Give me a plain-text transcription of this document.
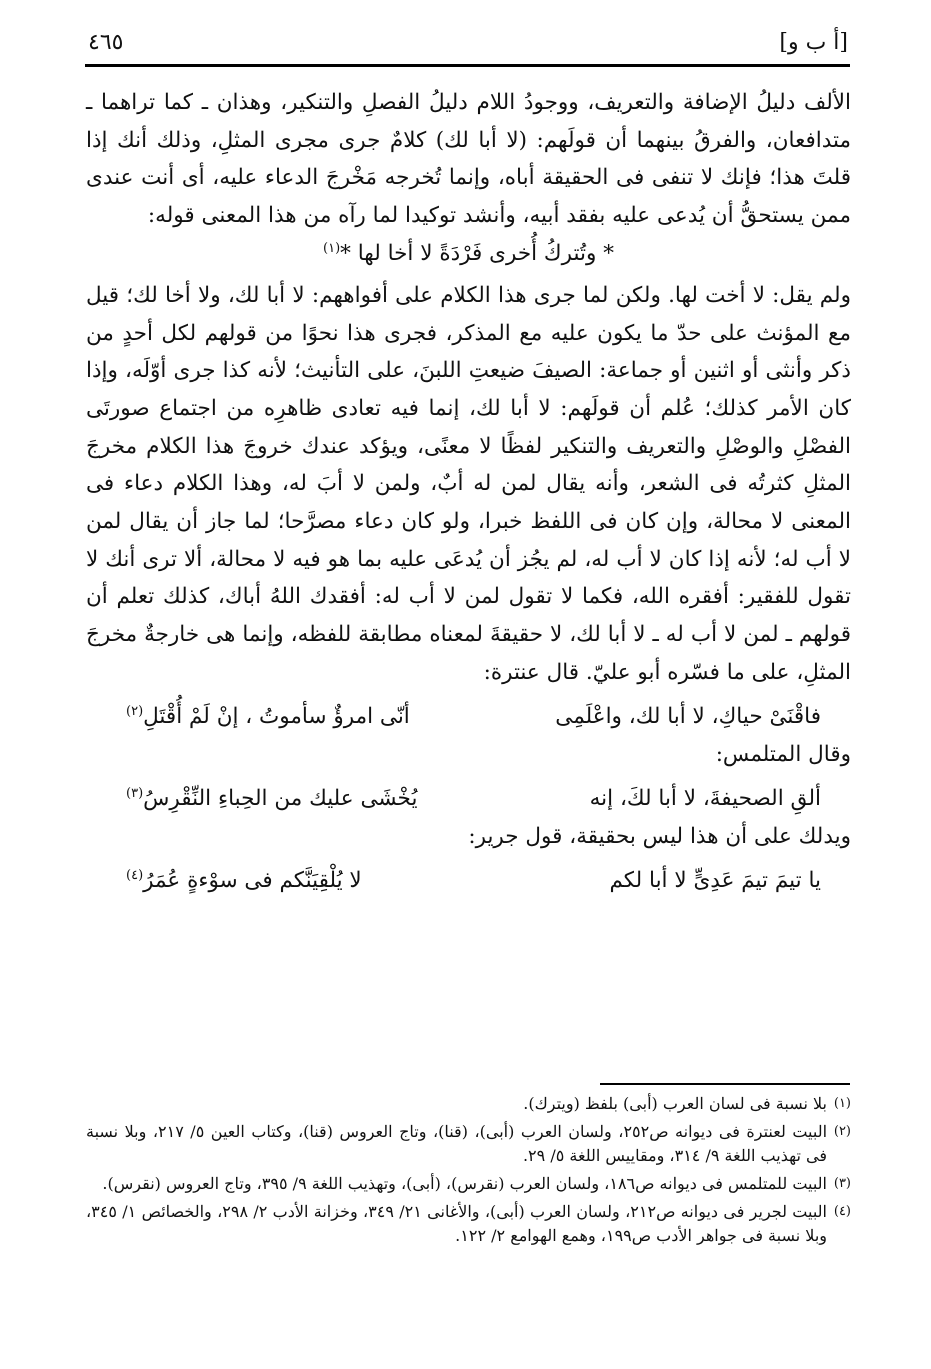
[أ ب و]
٤٦٥

الألف دليلُ الإضافة والتعريف، ووجودُ اللام دليلُ الفصلِ والتنكير، وهذان ـ كما تراهما ـ متدافعان، والفرقُ بينهما أن قولَهم: (لا أبا لك) كلامٌ جرى مجرى المثلِ، وذلك أنك إذا قلتَ هذا؛ فإنك لا تنفى فى الحقيقة أباه، وإنما تُخرجه مَخْرجَ الدعاء عليه، أى أنت عندى ممن يستحقُّ أن يُدعى عليه بفقد أبيه، وأنشد توكيدا لما رآه من هذا المعنى قوله:

* وتُتركُ أُخرى فَرْدَةً لا أخا لها *$^{(١)}$

ولم يقل: لا أخت لها. ولكن لما جرى هذا الكلام على أفواههم: لا أبا لك، ولا أخا لك؛ قيل مع المؤنث على حدّ ما يكون عليه مع المذكر، فجرى هذا نحوًا من قولهم لكل أحدٍ من ذكر وأنثى أو اثنين أو جماعة: الصيفَ ضيعتِ اللبنَ، على التأنيث؛ لأنه كذا جرى أوّلَه، وإذا كان الأمر كذلك؛ عُلم أن قولَهم: لا أبا لك، إنما فيه تعادى ظاهرِه من اجتماع صورتَى الفصْلِ والوصْلِ والتعريف والتنكير لفظًا لا معنًى، ويؤكد عندك خروجَ هذا الكلام مخرجَ المثلِ كثرتُه فى الشعر، وأنه يقال لمن له أبٌ، ولمن لا أبَ له، وهذا الكلام دعاء فى المعنى لا محالة، وإن كان فى اللفظ خبرا، ولو كان دعاء مصرَّحا؛ لما جاز أن يقال لمن لا أب له؛ لأنه إذا كان لا أب له، لم يجُز أن يُدعَى عليه بما هو فيه لا محالة، ألا ترى أنك لا تقول للفقير: أفقره الله، فكما لا تقول لمن لا أب له: أفقدك اللهُ أباك، كذلك تعلم أن قولهم ـ لمن لا أب له ـ لا أبا لك، لا حقيقةَ لمعناه مطابقة للفظه، وإنما هى خارجةٌ مخرجَ المثلِ، على ما فسّره أبو عليّ. قال عنترة:

فاقْنَىْ حياكِ، لا أبا لك، واعْلَمِى
أنّى امرؤٌ سأموتُ ، إنْ لَمْ أُقْتَلِ$^{(٢)}$

وقال المتلمس:

ألقِ الصحيفةَ، لا أبا لكَ، إنه
يُخْشَى عليك من الحِباءِ النِّقْرِسُ$^{(٣)}$

ويدلك على أن هذا ليس بحقيقة، قول جرير:

يا تيمَ تيمَ عَدِىٍّ لا أبا لكم
لا يُلْقِيَنَّكم فى سوْءةٍ عُمَرُ$^{(٤)}$
(١)
بلا نسبة فى لسان العرب (أبى) بلفظ (ويترك).
(٢)
البيت لعنترة فى ديوانه ص٢٥٢، ولسان العرب (أبى)، (قنا)، وتاج العروس (قنا)، وكتاب العين ٥/ ٢١٧، وبلا نسبة فى تهذيب اللغة ٩/ ٣١٤، ومقاييس اللغة ٥/ ٢٩.
(٣)
البيت للمتلمس فى ديوانه ص١٨٦، ولسان العرب (نقرس)، (أبى)، وتهذيب اللغة ٩/ ٣٩٥، وتاج العروس (نقرس).
(٤)
البيت لجرير فى ديوانه ص٢١٢، ولسان العرب (أبى)، والأغانى ٢١/ ٣٤٩، وخزانة الأدب ٢/ ٢٩٨، والخصائص ١/ ٣٤٥، وبلا نسبة فى جواهر الأدب ص١٩٩، وهمع الهوامع ٢/ ١٢٢.
